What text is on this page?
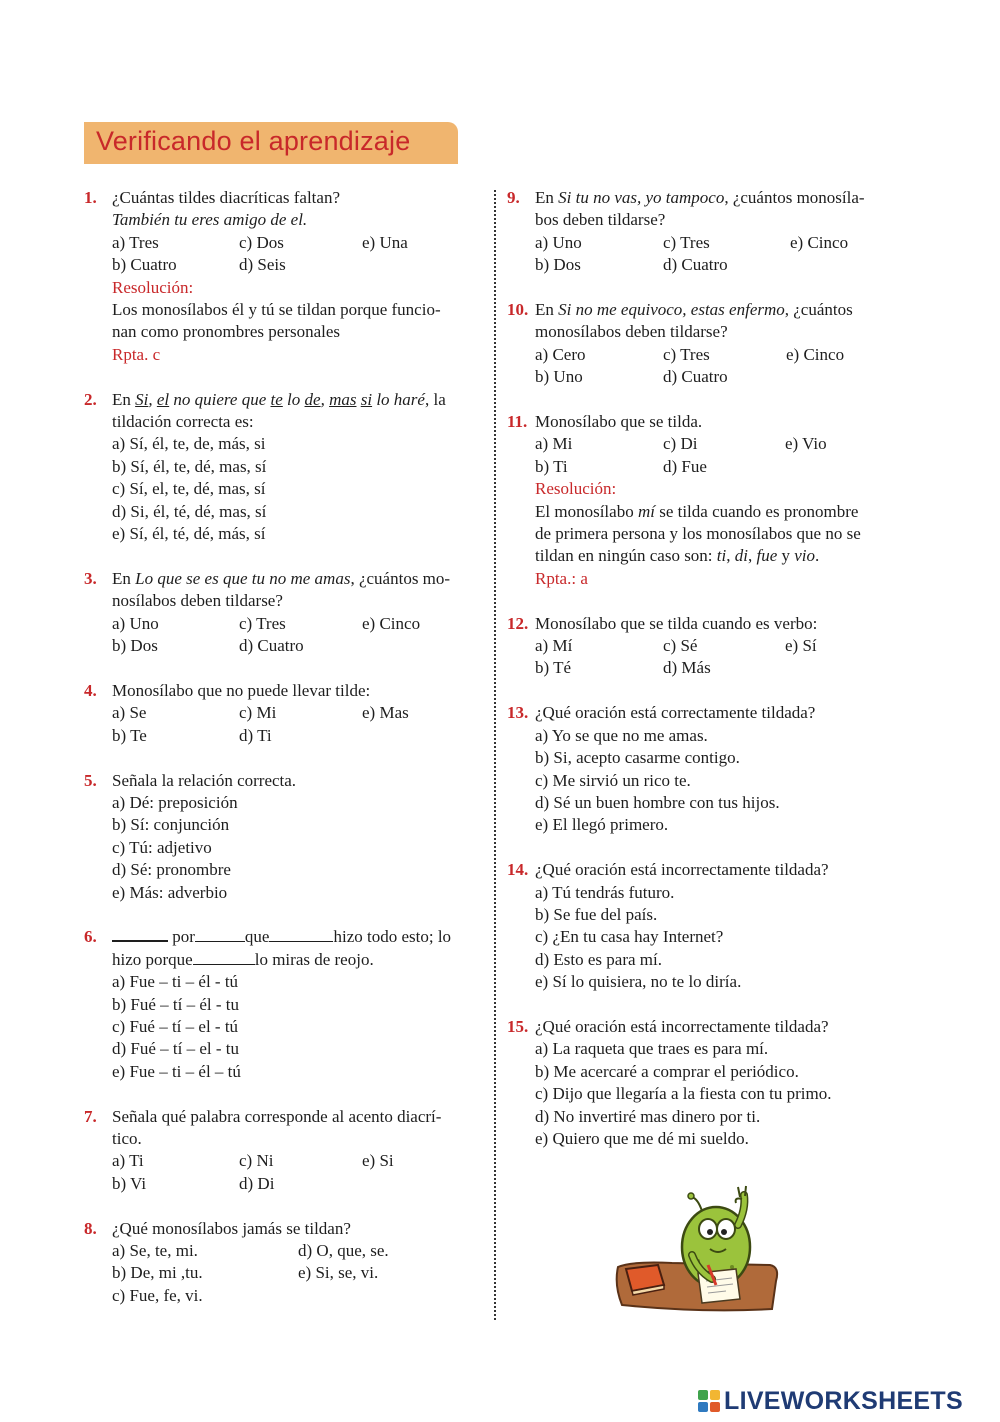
Verificando el aprendizaje
1. ¿Cuántas tildes diacríticas faltan?
También tu eres amigo de el.
a) Tres	c) Dos	e) Una
b) Cuatro	d) Seis
Resolución:
Los monosílabos él y tú se tildan porque funcio-
nan como pronombres personales
Rpta. c
2. En Si, el no quiere que te lo de, mas si lo haré, la
tildación correcta es:
a) Sí, él, te, de, más, si
b) Sí, él, te, dé, mas, sí
c) Sí, el, te, dé, mas, sí
d) Si, él, té, dé, mas, sí
e) Sí, él, té, dé, más, sí
3. En Lo que se es que tu no me amas, ¿cuántos mo-
nosílabos deben tildarse?
a) Uno	c) Tres	e) Cinco
b) Dos	d) Cuatro
4. Monosílabo que no puede llevar tilde:
a) Se	c) Mi	e) Mas
b) Te	d) Ti
5. Señala la relación correcta.
a) Dé: preposición
b) Sí: conjunción
c) Tú: adjetivo
d) Sé: pronombre
e) Más: adverbio
6.	por	que	hizo todo esto; lo
hizo porque	lo miras de reojo.
a) Fue – ti – él - tú
b) Fué – tí – él - tu
c) Fué – tí – el - tú
d) Fué – tí – el - tu
e) Fue – ti – él – tú
7. Señala qué palabra corresponde al acento diacrí-
tico.
a) Ti	c) Ni	e) Si
b) Vi	d) Di
8. ¿Qué monosílabos jamás se tildan?
a) Se, te, mi.	d) O, que, se.
b) De, mi ,tu.	e) Si, se, vi.
c) Fue, fe, vi.
9. En Si tu no vas, yo tampoco, ¿cuántos monosíla-
bos deben tildarse?
a) Uno	c) Tres	e) Cinco
b) Dos	d) Cuatro
10. En Si no me equivoco, estas enfermo, ¿cuántos
monosílabos deben tildarse?
a) Cero	c) Tres	e) Cinco
b) Uno	d) Cuatro
11. Monosílabo que se tilda.
a) Mi	c) Di	e) Vio
b) Ti	d) Fue
Resolución:
El monosílabo mí se tilda cuando es pronombre
de primera persona y los monosílabos que no se
tildan en ningún caso son: ti, di, fue y vio.
Rpta.: a
12. Monosílabo que se tilda cuando es verbo:
a) Mí	c) Sé	e) Sí
b) Té	d) Más
13. ¿Qué oración está correctamente tildada?
a) Yo se que no me amas.
b) Si, acepto casarme contigo.
c) Me sirvió un rico te.
d) Sé un buen hombre con tus hijos.
e) El llegó primero.
14. ¿Qué oración está incorrectamente tildada?
a) Tú tendrás futuro.
b) Se fue del país.
c) ¿En tu casa hay Internet?
d) Esto es para mí.
e) Sí lo quisiera, no te lo diría.
15. ¿Qué oración está incorrectamente tildada?
a) La raqueta que traes es para mí.
b) Me acercaré a comprar el periódico.
c) Dijo que llegaría a la fiesta con tu primo.
d) No invertiré mas dinero por ti.
e) Quiero que me dé mi sueldo.
LIVEWORKSHEETS
